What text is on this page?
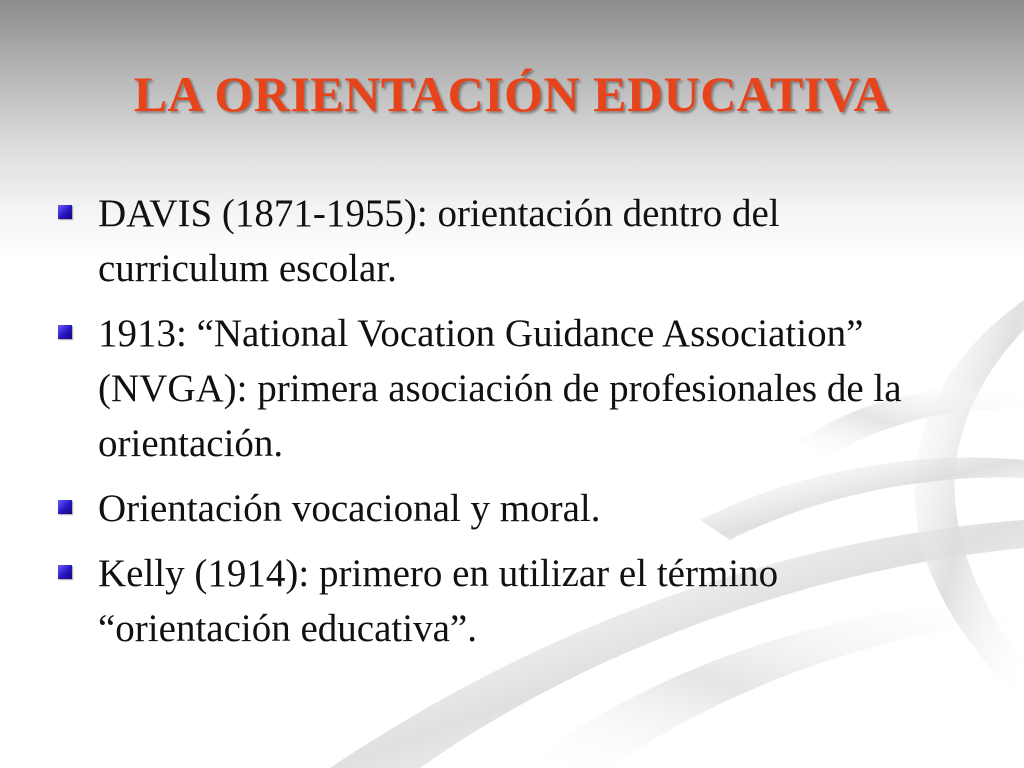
LA ORIENTACIÓN EDUCATIVA
DAVIS (1871-1955): orientación dentro del curriculum escolar.
1913: “National Vocation Guidance Association” (NVGA): primera asociación de profesionales de la orientación.
Orientación vocacional y moral.
Kelly (1914): primero en utilizar el término “orientación educativa”.
